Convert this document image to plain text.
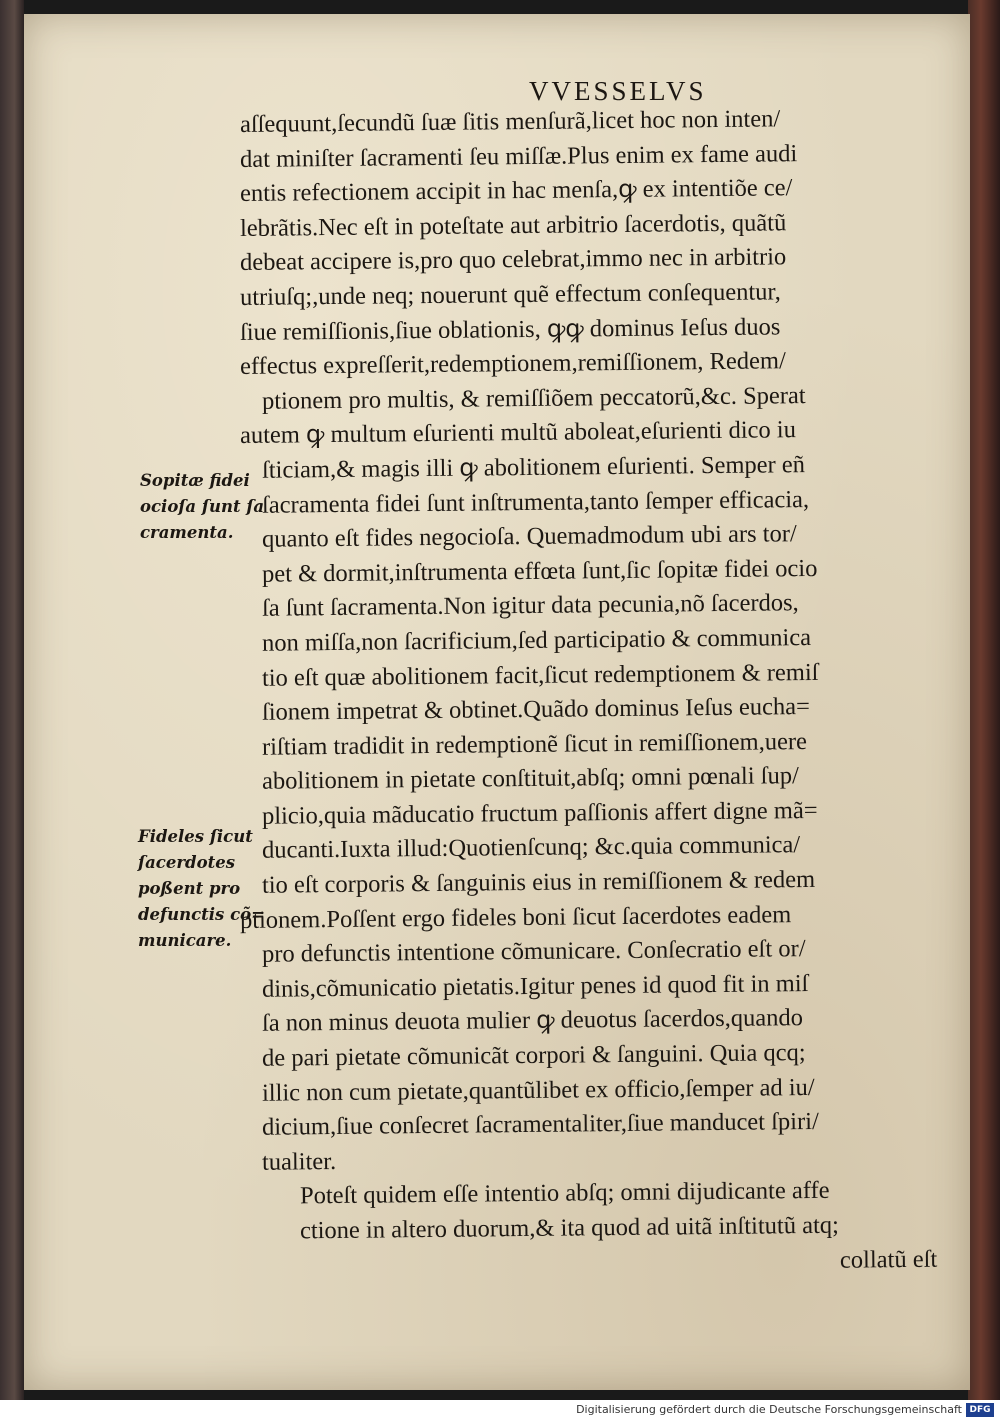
VVESSELVS
aſſequunt,ſecundũ ſuæ ſitis menſurã,licet hoc non inten/
dat miniſter ſacramenti ſeu miſſæ.Plus enim ex fame audi
entis refectionem accipit in hac menſa,ꝙ ex intentiõe ce/
lebrãtis.Nec eſt in poteſtate aut arbitrio ſacerdotis, quãtũ
debeat accipere is,pro quo celebrat,immo nec in arbitrio
utriuſq;,unde neq; nouerunt quẽ effectum conſequentur,
ſiue remiſſionis,ſiue oblationis, ꝙꝙ dominus Ieſus duos
effectus expreſſerit,redemptionem,remiſſionem, Redem/
ptionem pro multis, & remiſſiõem peccatorũ,&c. Sperat
autem ꝙ multum eſurienti multũ aboleat,eſurienti dico iu
ſticiam,& magis illi ꝙ abolitionem eſurienti. Semper eñ
ſacramenta fidei ſunt inſtrumenta,tanto ſemper efficacia,
quanto eſt fides negocioſa. Quemadmodum ubi ars tor/
pet & dormit,inſtrumenta effœta ſunt,ſic ſopitæ fidei ocio
ſa ſunt ſacramenta.Non igitur data pecunia,nõ ſacerdos,
non miſſa,non ſacrificium,ſed participatio & communica
tio eſt quæ abolitionem facit,ſicut redemptionem & remiſ
ſionem impetrat & obtinet.Quãdo dominus Ieſus eucha=
riſtiam tradidit in redemptionẽ ſicut in remiſſionem,uere
abolitionem in pietate conſtituit,abſq; omni pœnali ſup/
plicio,quia mãducatio fructum paſſionis affert digne mã=
ducanti.Iuxta illud:Quotienſcunq; &c.quia communica/
tio eſt corporis & ſanguinis eius in remiſſionem & redem
ptionem.Poſſent ergo fideles boni ſicut ſacerdotes eadem
pro defunctis intentione cõmunicare. Conſecratio eſt or/
dinis,cõmunicatio pietatis.Igitur penes id quod fit in miſ
ſa non minus deuota mulier ꝙ deuotus ſacerdos,quando
de pari pietate cõmunicãt corpori & ſanguini. Quia qcq;
illic non cum pietate,quantũlibet ex officio,ſemper ad iu/
dicium,ſiue conſecret ſacramentaliter,ſiue manducet ſpiri/
tualiter.
Poteſt quidem eſſe intentio abſq; omni dijudicante affe
ctione in altero duorum,& ita quod ad uitã inſtitutũ atq;
collatũ eſt
Sopitæ fidei
ocioſa ſunt ſa
cramenta.
Fideles ſicut
ſacerdotes
poßent pro
defunctis cõ=
municare.
Digitalisierung gefördert durch die Deutsche Forschungsgemeinschaft DFG
